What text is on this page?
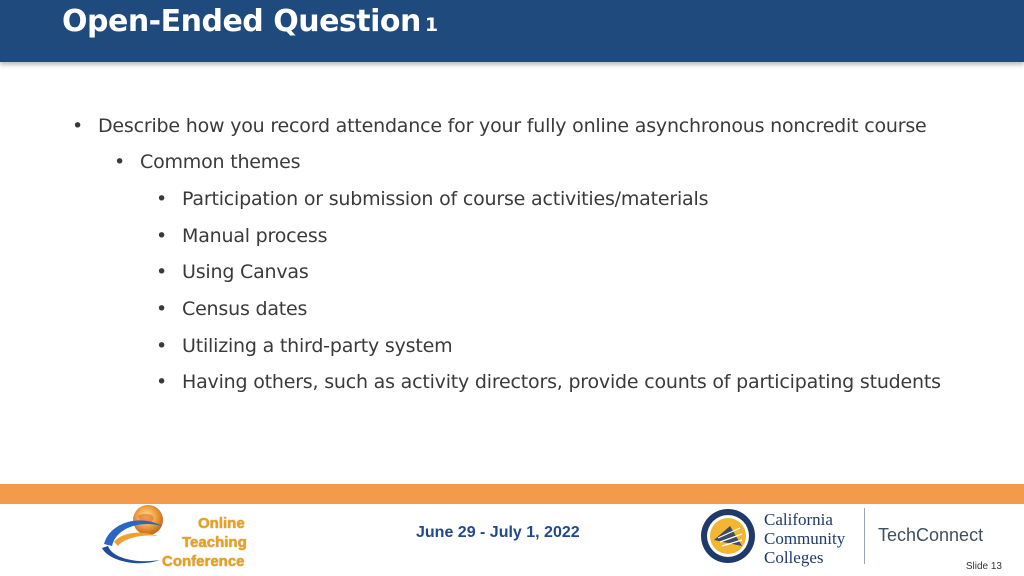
Open-Ended Question 1
• Describe how you record attendance for your fully online asynchronous noncredit course
• Common themes
• Participation or submission of course activities/materials
• Manual process
• Using Canvas
• Census dates
• Utilizing a third-party system
• Having others, such as activity directors, provide counts of participating students
Online
Teaching
Conference
June 29 - July 1, 2022
California
Community
Colleges
TechConnect
Slide 13
